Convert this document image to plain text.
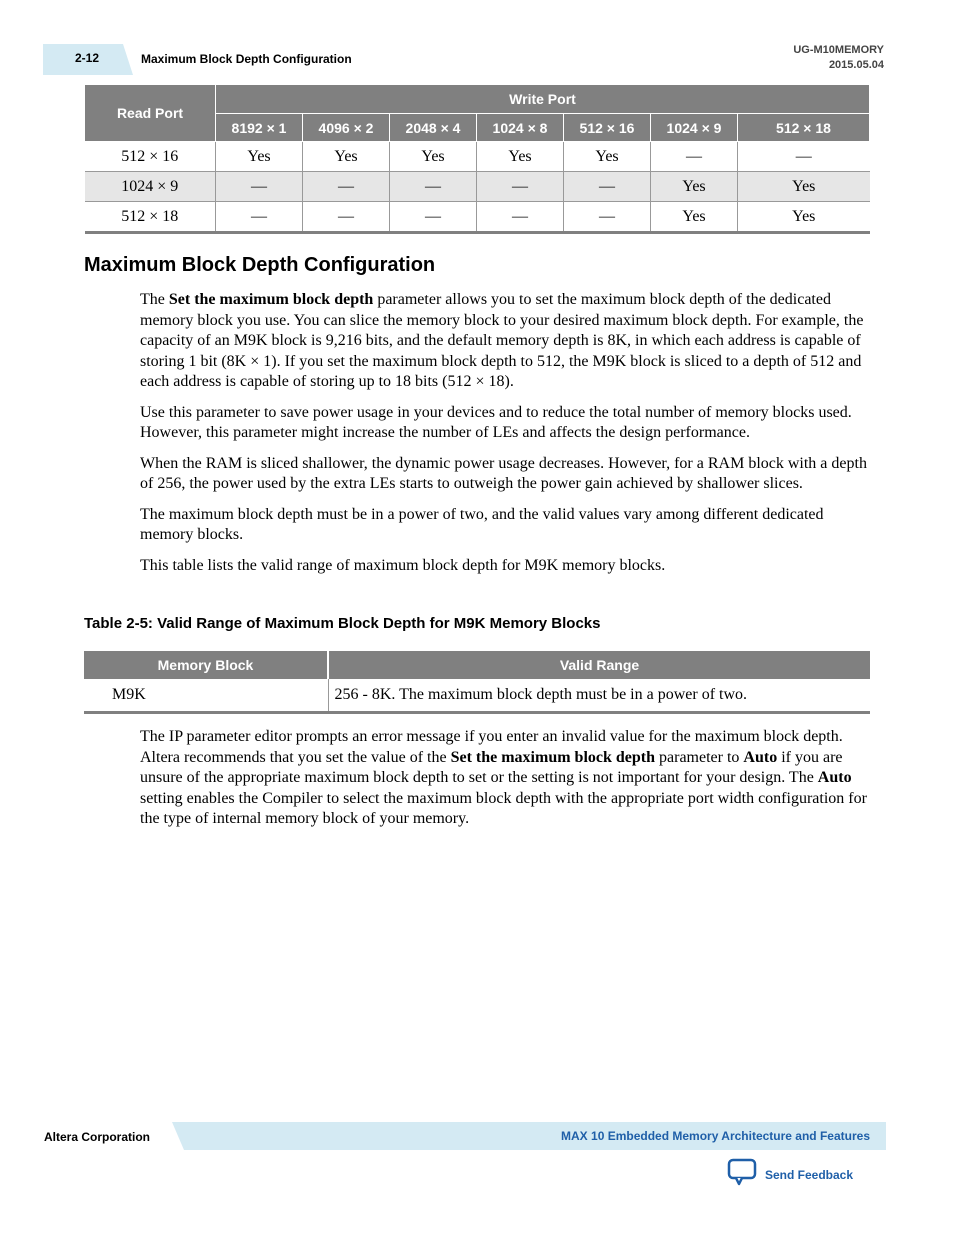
2-12	Maximum Block Depth Configuration
UG-M10MEMORY
2015.05.04
Read Port	Write Port						
	8192 × 1	4096 × 2	2048 × 4	1024 × 8	512 × 16	1024 × 9	512 × 18
512 × 16	Yes	Yes	Yes	Yes	Yes	—	—
1024 × 9	—	—	—	—	—	Yes	Yes
512 × 18	—	—	—	—	—	Yes	Yes
Maximum Block Depth Configuration

The Set the maximum block depth parameter allows you to set the maximum block depth of the dedicated memory block you use. You can slice the memory block to your desired maximum block depth. For example, the capacity of an M9K block is 9,216 bits, and the default memory depth is 8K, in which each address is capable of storing 1 bit (8K × 1). If you set the maximum block depth to 512, the M9K block is sliced to a depth of 512 and each address is capable of storing up to 18 bits (512 × 18).

Use this parameter to save power usage in your devices and to reduce the total number of memory blocks used. However, this parameter might increase the number of LEs and affects the design performance.

When the RAM is sliced shallower, the dynamic power usage decreases. However, for a RAM block with a depth of 256, the power used by the extra LEs starts to outweigh the power gain achieved by shallower slices.

The maximum block depth must be in a power of two, and the valid values vary among different dedicated memory blocks.

This table lists the valid range of maximum block depth for M9K memory blocks.

Table 2-5: Valid Range of Maximum Block Depth for M9K Memory Blocks
Memory Block	Valid Range
M9K	256 - 8K. The maximum block depth must be in a power of two.

The IP parameter editor prompts an error message if you enter an invalid value for the maximum block depth. Altera recommends that you set the value of the Set the maximum block depth parameter to Auto if you are unsure of the appropriate maximum block depth to set or the setting is not important for your design. The Auto setting enables the Compiler to select the maximum block depth with the appropriate port width configuration for the type of internal memory block of your memory.

Altera Corporation	MAX 10 Embedded Memory Architecture and Features
Send Feedback
